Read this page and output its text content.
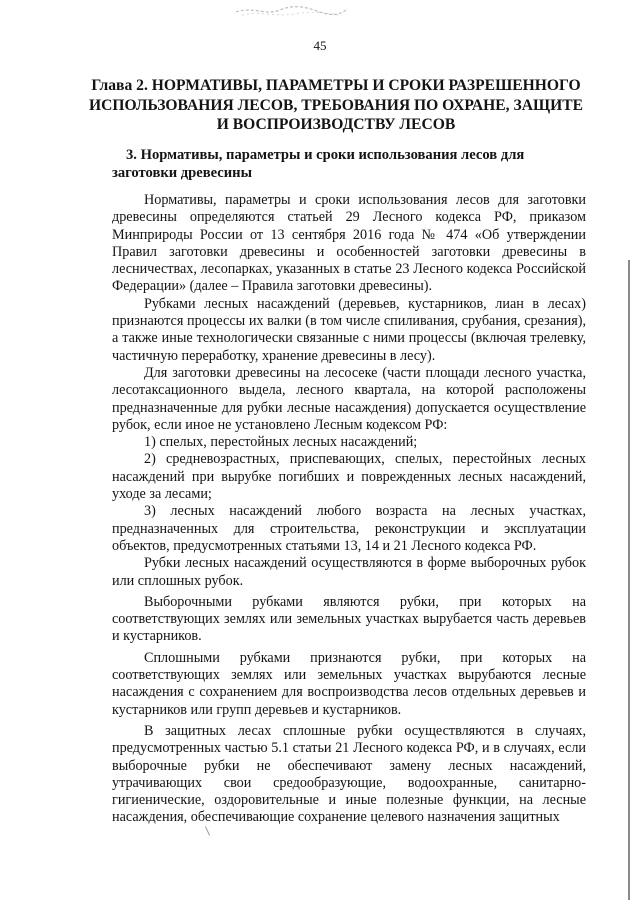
45
Глава 2. НОРМАТИВЫ, ПАРАМЕТРЫ И СРОКИ РАЗРЕШЕННОГО ИСПОЛЬЗОВАНИЯ ЛЕСОВ, ТРЕБОВАНИЯ ПО ОХРАНЕ, ЗАЩИТЕ И ВОСПРОИЗВОДСТВУ ЛЕСОВ
3. Нормативы, параметры и сроки использования лесов для заготовки древесины
Нормативы, параметры и сроки использования лесов для заготовки древесины определяются статьей 29 Лесного кодекса РФ, приказом Минприроды России от 13 сентября 2016 года № 474 «Об утверждении Правил заготовки древесины и особенностей заготовки древесины в лесничествах, лесопарках, указанных в статье 23 Лесного кодекса Российской Федерации» (далее – Правила заготовки древесины).
Рубками лесных насаждений (деревьев, кустарников, лиан в лесах) признаются процессы их валки (в том числе спиливания, срубания, срезания), а также иные технологически связанные с ними процессы (включая трелевку, частичную переработку, хранение древесины в лесу).
Для заготовки древесины на лесосеке (части площади лесного участка, лесотаксационного выдела, лесного квартала, на которой расположены предназначенные для рубки лесные насаждения) допускается осуществление рубок, если иное не установлено Лесным кодексом РФ:
1) спелых, перестойных лесных насаждений;
2) средневозрастных, приспевающих, спелых, перестойных лесных насаждений при вырубке погибших и поврежденных лесных насаждений, уходе за лесами;
3) лесных насаждений любого возраста на лесных участках, предназначенных для строительства, реконструкции и эксплуатации объектов, предусмотренных статьями 13, 14 и 21 Лесного кодекса РФ.
Рубки лесных насаждений осуществляются в форме выборочных рубок или сплошных рубок.
Выборочными рубками являются рубки, при которых на соответствующих землях или земельных участках вырубается часть деревьев и кустарников.
Сплошными рубками признаются рубки, при которых на соответствующих землях или земельных участках вырубаются лесные насаждения с сохранением для воспроизводства лесов отдельных деревьев и кустарников или групп деревьев и кустарников.
В защитных лесах сплошные рубки осуществляются в случаях, предусмотренных частью 5.1 статьи 21 Лесного кодекса РФ, и в случаях, если выборочные рубки не обеспечивают замену лесных насаждений, утрачивающих свои средообразующие, водоохранные, санитарно-гигиенические, оздоровительные и иные полезные функции, на лесные насаждения, обеспечивающие сохранение целевого назначения защитных
